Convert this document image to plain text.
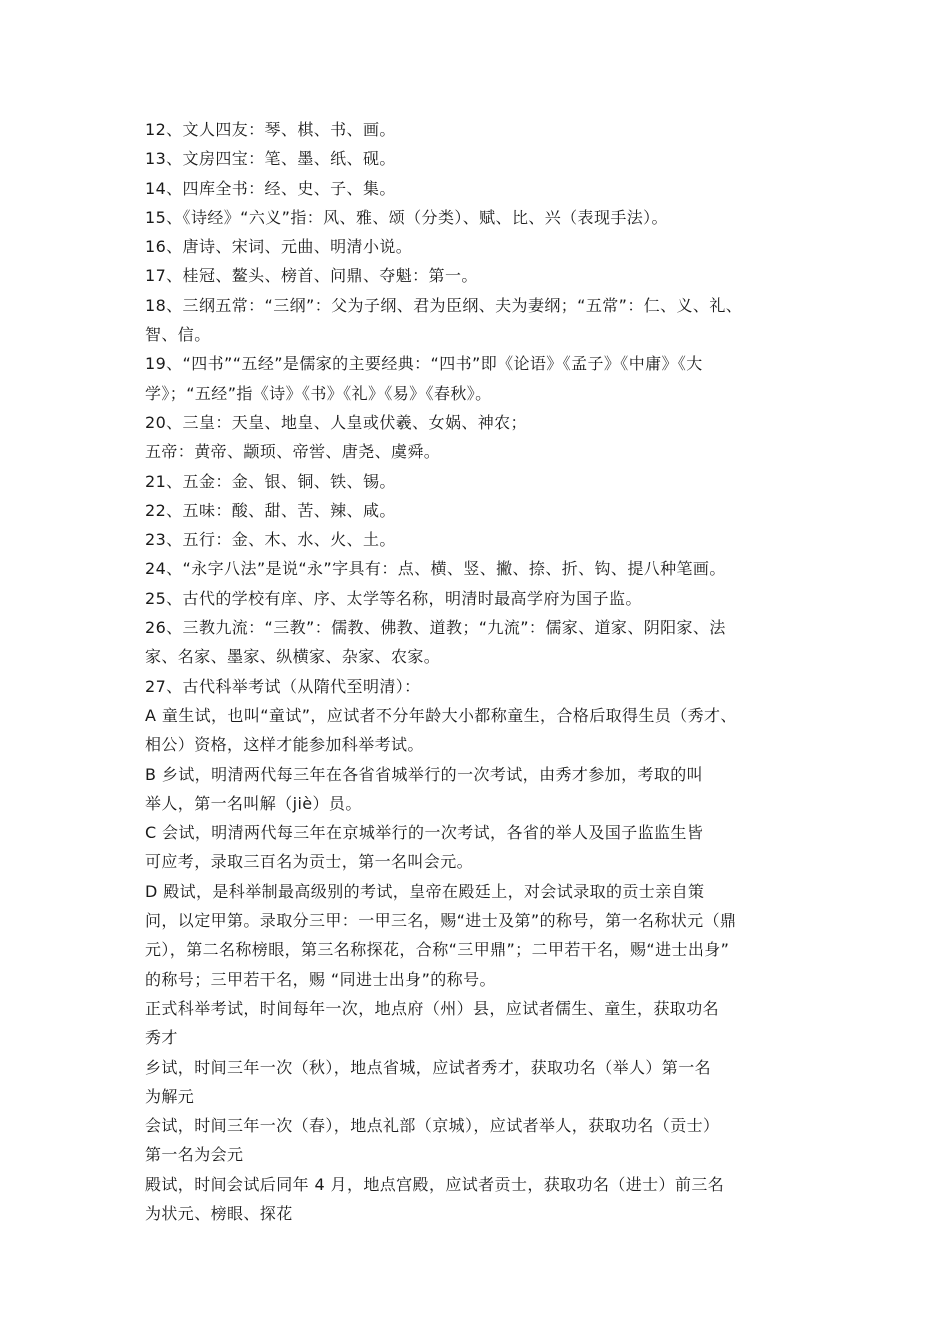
12、文人四友：琴、棋、书、画。
13、文房四宝：笔、墨、纸、砚。
14、四库全书：经、史、子、集。
15、《诗经》“六义”指：风、雅、颂（分类）、赋、比、兴（表现手法）。
16、唐诗、宋词、元曲、明清小说。
17、桂冠、鳌头、榜首、问鼎、夺魁：第一。
18、三纲五常：“三纲”：父为子纲、君为臣纲、夫为妻纲；“五常”：仁、义、礼、
智、信。
19、“四书”“五经”是儒家的主要经典：“四书”即《论语》《孟子》《中庸》《大
学》；“五经”指《诗》《书》《礼》《易》《春秋》。
20、三皇：天皇、地皇、人皇或伏羲、女娲、神农；
五帝：黄帝、颛顼、帝喾、唐尧、虞舜。
21、五金：金、银、铜、铁、锡。
22、五味：酸、甜、苦、辣、咸。
23、五行：金、木、水、火、土。
24、“永字八法”是说“永”字具有：点、横、竖、撇、捺、折、钩、提八种笔画。
25、古代的学校有庠、序、太学等名称，明清时最高学府为国子监。
26、三教九流：“三教”：儒教、佛教、道教；“九流”：儒家、道家、阴阳家、法
家、名家、墨家、纵横家、杂家、农家。
27、古代科举考试（从隋代至明清）：
A 童生试，也叫“童试”，应试者不分年龄大小都称童生，合格后取得生员（秀才、
相公）资格，这样才能参加科举考试。
B 乡试，明清两代每三年在各省省城举行的一次考试，由秀才参加，考取的叫
举人，第一名叫解（jiè）员。
C 会试，明清两代每三年在京城举行的一次考试，各省的举人及国子监监生皆
可应考，录取三百名为贡士，第一名叫会元。
D 殿试，是科举制最高级别的考试，皇帝在殿廷上，对会试录取的贡士亲自策
问，以定甲第。录取分三甲：一甲三名，赐“进士及第”的称号，第一名称状元（鼎
元），第二名称榜眼，第三名称探花，合称“三甲鼎”；二甲若干名，赐“进士出身”
的称号；三甲若干名，赐 “同进士出身”的称号。
正式科举考试，时间每年一次，地点府（州）县，应试者儒生、童生，获取功名
秀才
乡试，时间三年一次（秋），地点省城，应试者秀才，获取功名（举人）第一名
为解元
会试，时间三年一次（春），地点礼部（京城），应试者举人，获取功名（贡士）
第一名为会元
殿试，时间会试后同年 4 月，地点宫殿，应试者贡士，获取功名（进士）前三名
为状元、榜眼、探花
